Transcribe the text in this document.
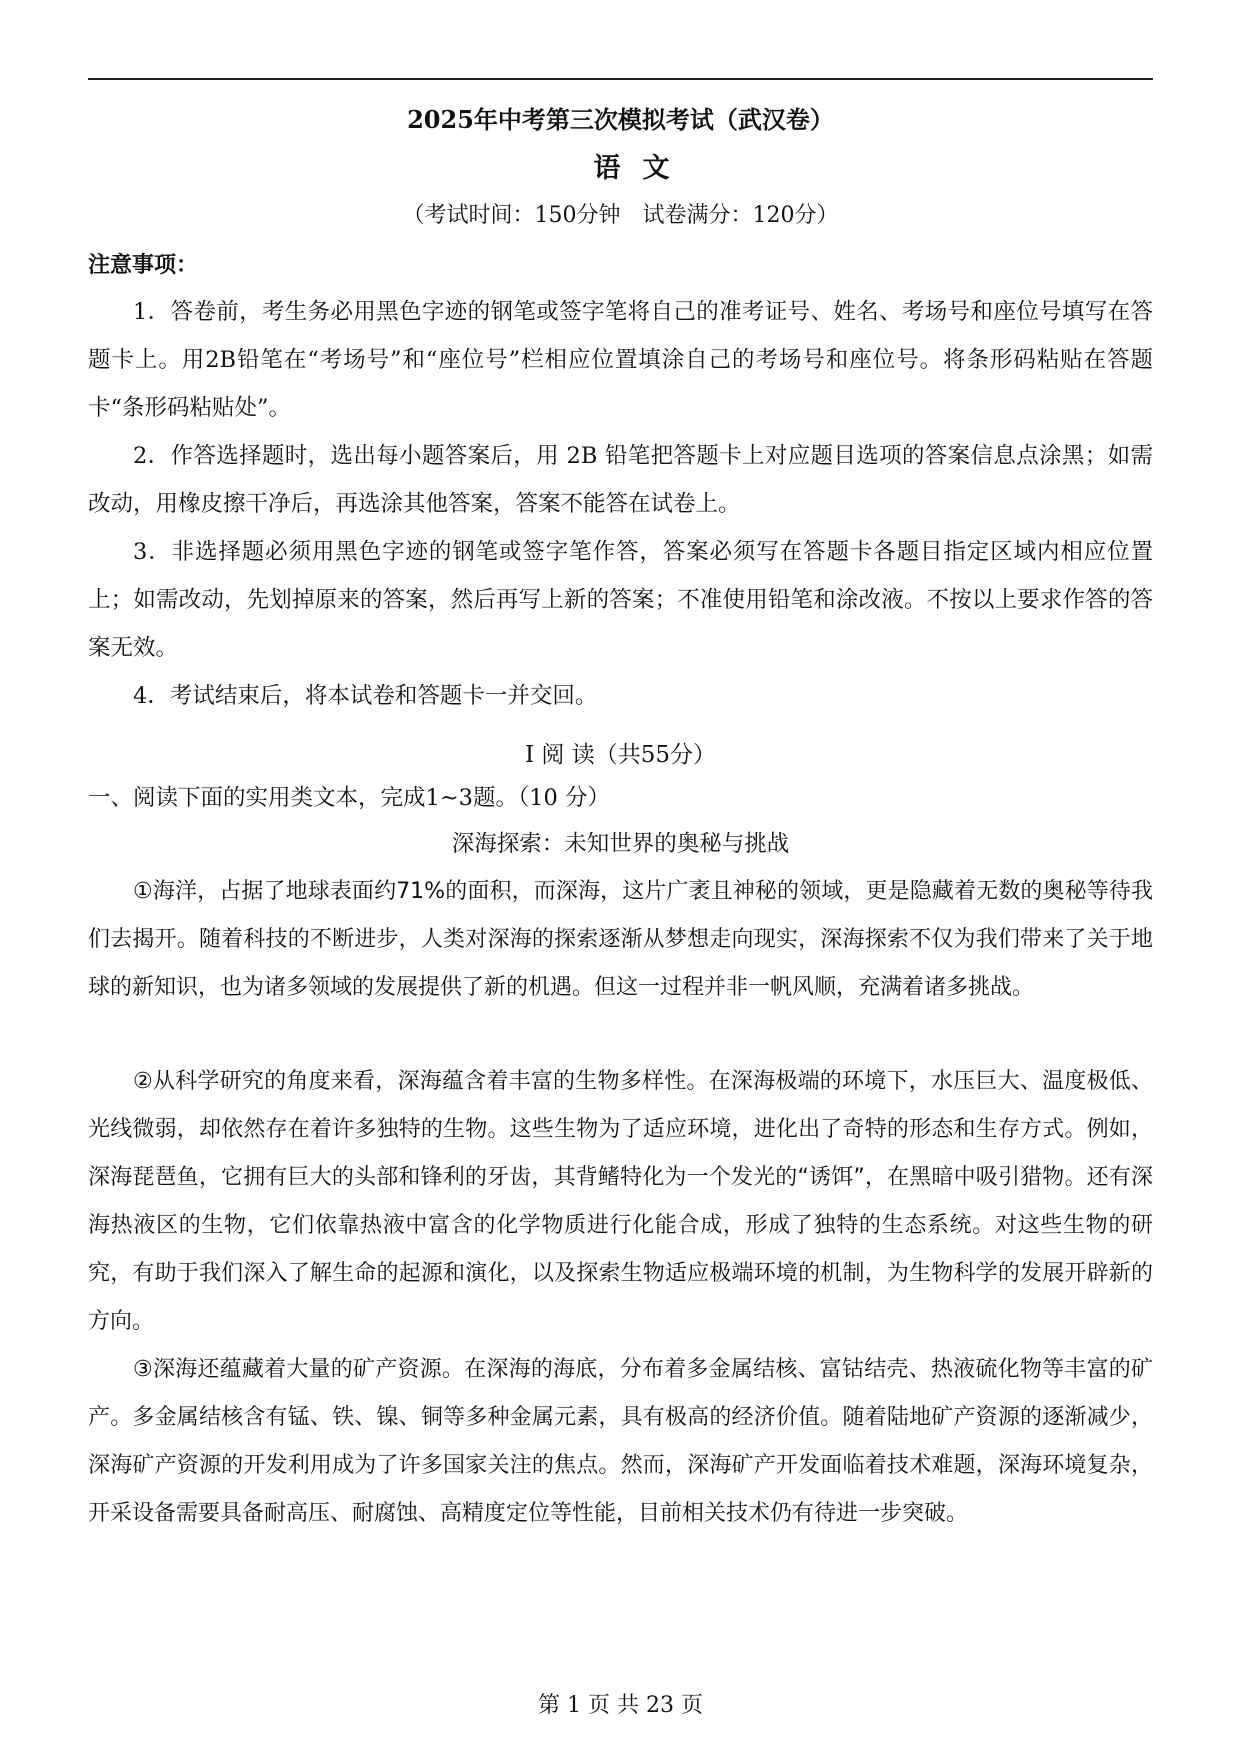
2025年中考第三次模拟考试（武汉卷）
语文

（考试时间：150分钟　试卷满分：120分）

注意事项：

1．答卷前，考生务必用黑色字迹的钢笔或签字笔将自己的准考证号、姓名、考场号和座位号填写在答题卡上。用2B铅笔在“考场号”和“座位号”栏相应位置填涂自己的考场号和座位号。将条形码粘贴在答题卡“条形码粘贴处”。

2．作答选择题时，选出每小题答案后，用 2B 铅笔把答题卡上对应题目选项的答案信息点涂黑；如需改动，用橡皮擦干净后，再选涂其他答案，答案不能答在试卷上。

3．非选择题必须用黑色字迹的钢笔或签字笔作答，答案必须写在答题卡各题目指定区域内相应位置上；如需改动，先划掉原来的答案，然后再写上新的答案；不准使用铅笔和涂改液。不按以上要求作答的答案无效。

4．考试结束后，将本试卷和答题卡一并交回。

I 阅 读（共55分）

一、阅读下面的实用类文本，完成1~3题。（10 分）

深海探索：未知世界的奥秘与挑战

①海洋，占据了地球表面约71%的面积，而深海，这片广袤且神秘的领域，更是隐藏着无数的奥秘等待我们去揭开。随着科技的不断进步，人类对深海的探索逐渐从梦想走向现实，深海探索不仅为我们带来了关于地球的新知识，也为诸多领域的发展提供了新的机遇。但这一过程并非一帆风顺，充满着诸多挑战。

②从科学研究的角度来看，深海蕴含着丰富的生物多样性。在深海极端的环境下，水压巨大、温度极低、光线微弱，却依然存在着许多独特的生物。这些生物为了适应环境，进化出了奇特的形态和生存方式。例如，深海琵琶鱼，它拥有巨大的头部和锋利的牙齿，其背鳍特化为一个发光的“诱饵”，在黑暗中吸引猎物。还有深海热液区的生物，它们依靠热液中富含的化学物质进行化能合成，形成了独特的生态系统。对这些生物的研究，有助于我们深入了解生命的起源和演化，以及探索生物适应极端环境的机制，为生物科学的发展开辟新的方向。

③深海还蕴藏着大量的矿产资源。在深海的海底，分布着多金属结核、富钴结壳、热液硫化物等丰富的矿产。多金属结核含有锰、铁、镍、铜等多种金属元素，具有极高的经济价值。随着陆地矿产资源的逐渐减少，深海矿产资源的开发利用成为了许多国家关注的焦点。然而，深海矿产开发面临着技术难题，深海环境复杂，开采设备需要具备耐高压、耐腐蚀、高精度定位等性能，目前相关技术仍有待进一步突破。

第 1 页 共 23 页
